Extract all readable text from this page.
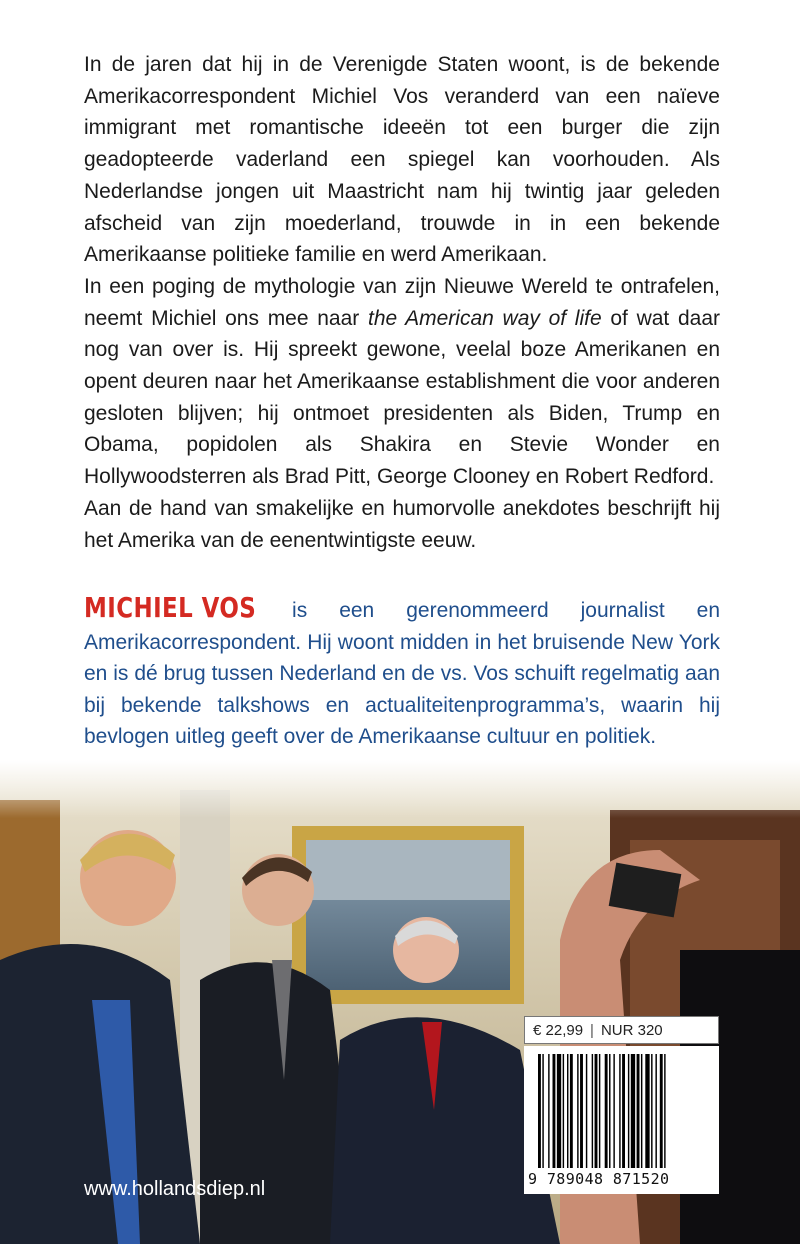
In de jaren dat hij in de Verenigde Staten woont, is de bekende Amerikacorrespondent Michiel Vos veranderd van een naïeve immigrant met romantische ideeën tot een burger die zijn geadopteerde vaderland een spiegel kan voorhouden. Als Nederlandse jongen uit Maastricht nam hij twintig jaar geleden afscheid van zijn moederland, trouwde in in een bekende Amerikaanse politieke familie en werd Amerikaan.

In een poging de mythologie van zijn Nieuwe Wereld te ontrafelen, neemt Michiel ons mee naar the American way of life of wat daar nog van over is. Hij spreekt gewone, veelal boze Amerikanen en opent deuren naar het Amerikaanse establishment die voor anderen gesloten blijven; hij ontmoet presidenten als Biden, Trump en Obama, popidolen als Shakira en Stevie Wonder en Hollywoodsterren als Brad Pitt, George Clooney en Robert Redford.

Aan de hand van smakelijke en humorvolle anekdotes beschrijft hij het Amerika van de eenentwintigste eeuw.

MICHIEL VOS is een gerenommeerd journalist en Amerikacorrespondent. Hij woont midden in het bruisende New York en is dé brug tussen Nederland en de vs. Vos schuift regelmatig aan bij bekende talkshows en actualiteitenprogramma’s, waarin hij bevlogen uitleg geeft over de Amerikaanse cultuur en politiek.
www.hollandsdiep.nl
€ 22,99 | NUR 320
9 789048 871520
